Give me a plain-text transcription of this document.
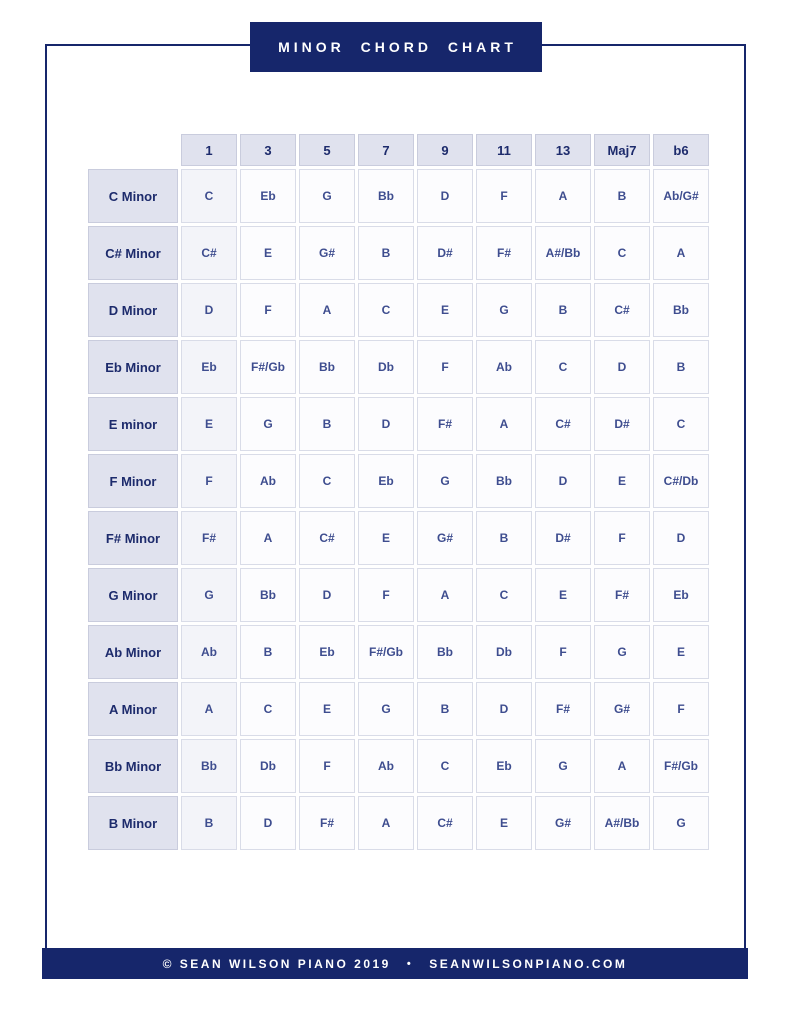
MINOR CHORD CHART
	1	3	5	7	9	11	13	Maj7	b6
C Minor	C	Eb	G	Bb	D	F	A	B	Ab/G#
C# Minor	C#	E	G#	B	D#	F#	A#/Bb	C	A
D Minor	D	F	A	C	E	G	B	C#	Bb
Eb Minor	Eb	F#/Gb	Bb	Db	F	Ab	C	D	B
E minor	E	G	B	D	F#	A	C#	D#	C
F Minor	F	Ab	C	Eb	G	Bb	D	E	C#/Db
F# Minor	F#	A	C#	E	G#	B	D#	F	D
G Minor	G	Bb	D	F	A	C	E	F#	Eb
Ab Minor	Ab	B	Eb	F#/Gb	Bb	Db	F	G	E
A Minor	A	C	E	G	B	D	F#	G#	F
Bb Minor	Bb	Db	F	Ab	C	Eb	G	A	F#/Gb
B Minor	B	D	F#	A	C#	E	G#	A#/Bb	G
© SEAN WILSON PIANO 2019 • SEANWILSONPIANO.COM
